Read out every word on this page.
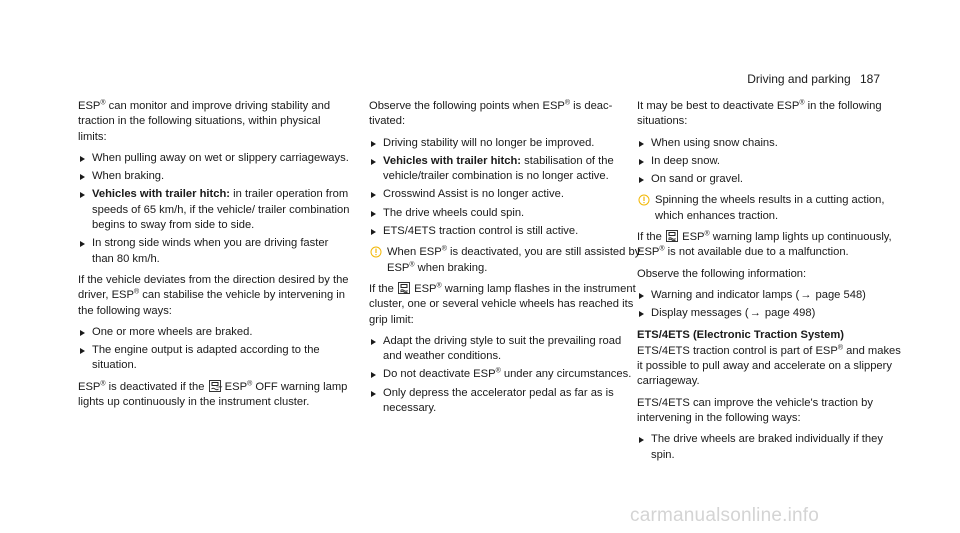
Driving and parking 187

ESP® can monitor and improve driving stability and traction in the following situations, within physical limits:

When pulling away on wet or slippery carriageways.
When braking.
Vehicles with trailer hitch: in trailer operation from speeds of 65 km/h, if the vehicle/ trailer combination begins to sway from side to side.
In strong side winds when you are driving faster than 80 km/h.

If the vehicle deviates from the direction desired by the driver, ESP® can stabilise the vehicle by intervening in the following ways:

One or more wheels are braked.
The engine output is adapted according to the situation.

ESP® is deactivated if the	OFF ESP® OFF warning lamp lights up continuously in the instrument cluster.

Observe the following points when ESP® is deactivated:

Driving stability will no longer be improved.
Vehicles with trailer hitch: stabilisation of the vehicle/trailer combination is no longer active.
Crosswind Assist is no longer active.
The drive wheels could spin.
ETS/4ETS traction control is still active.
When ESP® is deactivated, you are still assisted by ESP® when braking.

If the
ESP® warning lamp flashes in the instrument cluster, one or several vehicle wheels has reached its grip limit:

Adapt the driving style to suit the prevailing road and weather conditions.
Do not deactivate ESP® under any circumstances.
Only depress the accelerator pedal as far as is necessary.

It may be best to deactivate ESP® in the following situations:

When using snow chains.
In deep snow.
On sand or gravel.
Spinning the wheels results in a cutting action, which enhances traction.

If the
ESP® warning lamp lights up continuously, ESP® is not available due to a malfunction.

Observe the following information:

Warning and indicator lamps (→ page 548)
Display messages (→ page 498)

ETS/4ETS (Electronic Traction System)

ETS/4ETS traction control is part of ESP® and makes it possible to pull away and accelerate on a slippery carriageway.

ETS/4ETS can improve the vehicle's traction by intervening in the following ways:

The drive wheels are braked individually if they spin.
carmanualsonline.info
